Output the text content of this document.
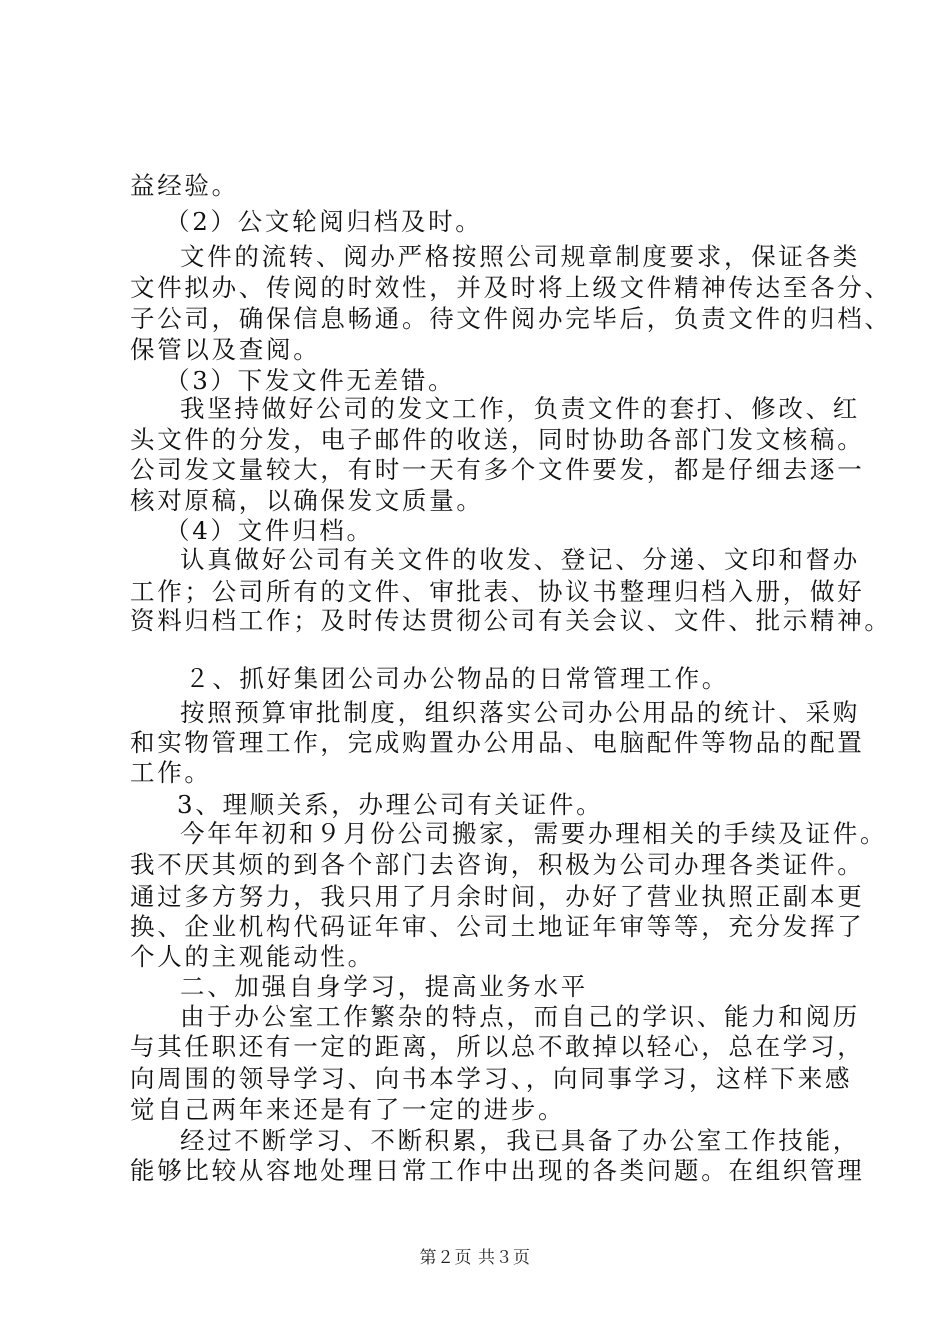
益经验。
（2）公文轮阅归档及时。
文件的流转、阅办严格按照公司规章制度要求，保证各类
文件拟办、传阅的时效性，并及时将上级文件精神传达至各分、
子公司，确保信息畅通。待文件阅办完毕后，负责文件的归档、
保管以及查阅。
（3）下发文件无差错。
我坚持做好公司的发文工作，负责文件的套打、修改、红
头文件的分发，电子邮件的收送，同时协助各部门发文核稿。
公司发文量较大，有时一天有多个文件要发，都是仔细去逐一
核对原稿，以确保发文质量。
（4）文件归档。
认真做好公司有关文件的收发、登记、分递、文印和督办
工作；公司所有的文件、审批表、协议书整理归档入册，做好
资料归档工作；及时传达贯彻公司有关会议、文件、批示精神。
２、抓好集团公司办公物品的日常管理工作。
按照预算审批制度，组织落实公司办公用品的统计、采购
和实物管理工作，完成购置办公用品、电脑配件等物品的配置
工作。
3、理顺关系，办理公司有关证件。
今年年初和９月份公司搬家，需要办理相关的手续及证件。
我不厌其烦的到各个部门去咨询，积极为公司办理各类证件。
通过多方努力，我只用了月余时间，办好了营业执照正副本更
换、企业机构代码证年审、公司土地证年审等等，充分发挥了
个人的主观能动性。
二、加强自身学习，提高业务水平
由于办公室工作繁杂的特点，而自己的学识、能力和阅历
与其任职还有一定的距离，所以总不敢掉以轻心，总在学习，
向周围的领导学习、向书本学习、，向同事学习，这样下来感
觉自己两年来还是有了一定的进步。
经过不断学习、不断积累，我已具备了办公室工作技能，
能够比较从容地处理日常工作中出现的各类问题。在组织管理
第２页 共３页
